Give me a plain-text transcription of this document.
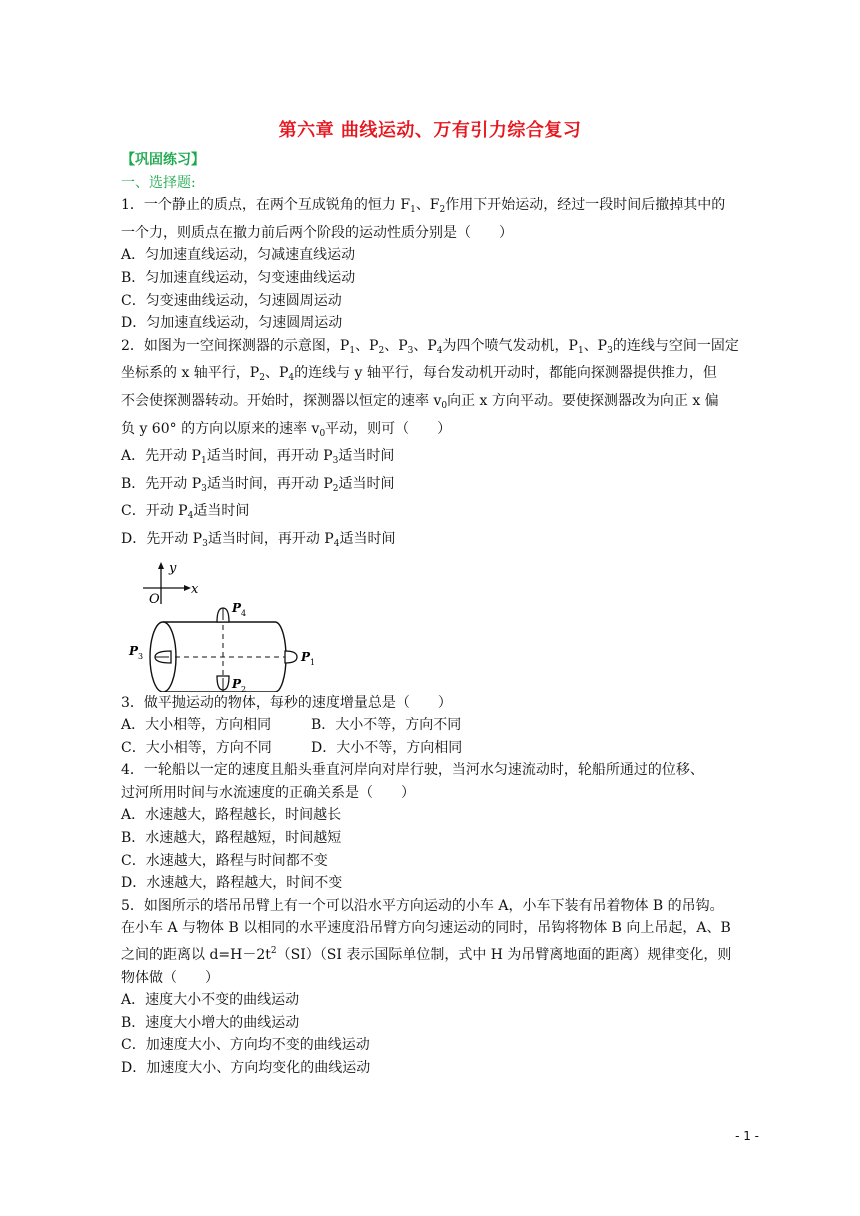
第六章 曲线运动、万有引力综合复习
【巩固练习】
一、选择题:
1．一个静止的质点，在两个互成锐角的恒力 $F_1$、$F_2$作用下开始运动，经过一段时间后撤掉其中的
一个力，则质点在撤力前后两个阶段的运动性质分别是（　　）
A．匀加速直线运动，匀减速直线运动
B．匀加速直线运动，匀变速曲线运动
C．匀变速曲线运动，匀速圆周运动
D．匀加速直线运动，匀速圆周运动
2．如图为一空间探测器的示意图，$P_1$、$P_2$、$P_3$、$P_4$为四个喷气发动机，$P_1$、$P_3$的连线与空间一固定
坐标系的 x 轴平行，$P_2$、$P_4$的连线与 y 轴平行，每台发动机开动时，都能向探测器提供推力，但
不会使探测器转动。开始时，探测器以恒定的速率 $v_0$向正 x 方向平动。要使探测器改为向正 x 偏
负 y 60° 的方向以原来的速率 $v_0$平动，则可（　　）
A．先开动 $P_1$适当时间，再开动 $P_3$适当时间
B．先开动 $P_3$适当时间，再开动 $P_2$适当时间
C．开动 $P_4$适当时间
D．先开动 $P_3$适当时间，再开动 $P_4$适当时间
y
x
O
P 4
P 2
P 3	P 1
3．做平抛运动的物体，每秒的速度增量总是（　　）
A．大小相等，方向相同	B．大小不等，方向不同
C．大小相等，方向不同	D．大小不等，方向相同
4．一轮船以一定的速度且船头垂直河岸向对岸行驶，当河水匀速流动时，轮船所通过的位移、
过河所用时间与水流速度的正确关系是（　　）
A．水速越大，路程越长，时间越长
B．水速越大，路程越短，时间越短
C．水速越大，路程与时间都不变
D．水速越大，路程越大，时间不变
5．如图所示的塔吊吊臂上有一个可以沿水平方向运动的小车 A，小车下装有吊着物体 B 的吊钩。
在小车 A 与物体 B 以相同的水平速度沿吊臂方向匀速运动的同时，吊钩将物体 B 向上吊起，A、B
之间的距离以 $d=H-2t^2(SI)(SI$ 表示国际单位制，式中 H 为吊臂离地面的距离）规律变化，则
物体做（　　）
A．速度大小不变的曲线运动
B．速度大小增大的曲线运动
C．加速度大小、方向均不变的曲线运动
D．加速度大小、方向均变化的曲线运动
- 1 -
